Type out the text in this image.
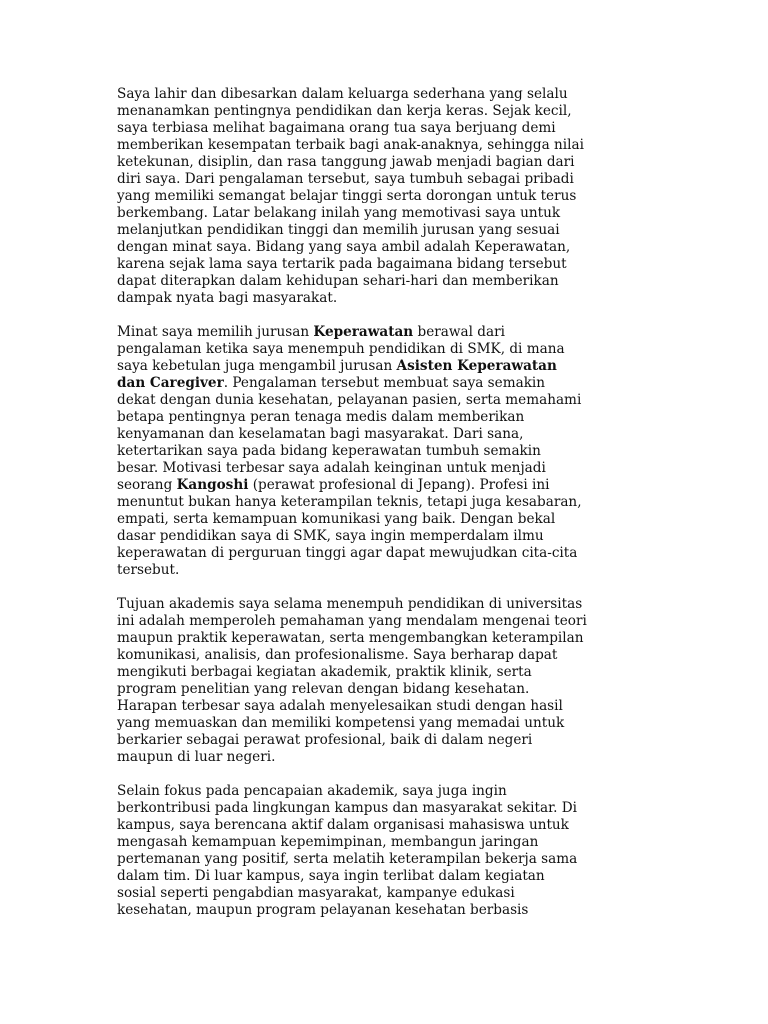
Saya lahir dan dibesarkan dalam keluarga sederhana yang selalu
menanamkan pentingnya pendidikan dan kerja keras. Sejak kecil,
saya terbiasa melihat bagaimana orang tua saya berjuang demi
memberikan kesempatan terbaik bagi anak-anaknya, sehingga nilai
ketekunan, disiplin, dan rasa tanggung jawab menjadi bagian dari
diri saya. Dari pengalaman tersebut, saya tumbuh sebagai pribadi
yang memiliki semangat belajar tinggi serta dorongan untuk terus
berkembang. Latar belakang inilah yang memotivasi saya untuk
melanjutkan pendidikan tinggi dan memilih jurusan yang sesuai
dengan minat saya. Bidang yang saya ambil adalah Keperawatan,
karena sejak lama saya tertarik pada bagaimana bidang tersebut
dapat diterapkan dalam kehidupan sehari-hari dan memberikan
dampak nyata bagi masyarakat.

Minat saya memilih jurusan Keperawatan berawal dari
pengalaman ketika saya menempuh pendidikan di SMK, di mana
saya kebetulan juga mengambil jurusan Asisten Keperawatan
dan Caregiver. Pengalaman tersebut membuat saya semakin
dekat dengan dunia kesehatan, pelayanan pasien, serta memahami
betapa pentingnya peran tenaga medis dalam memberikan
kenyamanan dan keselamatan bagi masyarakat. Dari sana,
ketertarikan saya pada bidang keperawatan tumbuh semakin
besar. Motivasi terbesar saya adalah keinginan untuk menjadi
seorang Kangoshi (perawat profesional di Jepang). Profesi ini
menuntut bukan hanya keterampilan teknis, tetapi juga kesabaran,
empati, serta kemampuan komunikasi yang baik. Dengan bekal
dasar pendidikan saya di SMK, saya ingin memperdalam ilmu
keperawatan di perguruan tinggi agar dapat mewujudkan cita-cita
tersebut.

Tujuan akademis saya selama menempuh pendidikan di universitas
ini adalah memperoleh pemahaman yang mendalam mengenai teori
maupun praktik keperawatan, serta mengembangkan keterampilan
komunikasi, analisis, dan profesionalisme. Saya berharap dapat
mengikuti berbagai kegiatan akademik, praktik klinik, serta
program penelitian yang relevan dengan bidang kesehatan.
Harapan terbesar saya adalah menyelesaikan studi dengan hasil
yang memuaskan dan memiliki kompetensi yang memadai untuk
berkarier sebagai perawat profesional, baik di dalam negeri
maupun di luar negeri.

Selain fokus pada pencapaian akademik, saya juga ingin
berkontribusi pada lingkungan kampus dan masyarakat sekitar. Di
kampus, saya berencana aktif dalam organisasi mahasiswa untuk
mengasah kemampuan kepemimpinan, membangun jaringan
pertemanan yang positif, serta melatih keterampilan bekerja sama
dalam tim. Di luar kampus, saya ingin terlibat dalam kegiatan
sosial seperti pengabdian masyarakat, kampanye edukasi
kesehatan, maupun program pelayanan kesehatan berbasis
